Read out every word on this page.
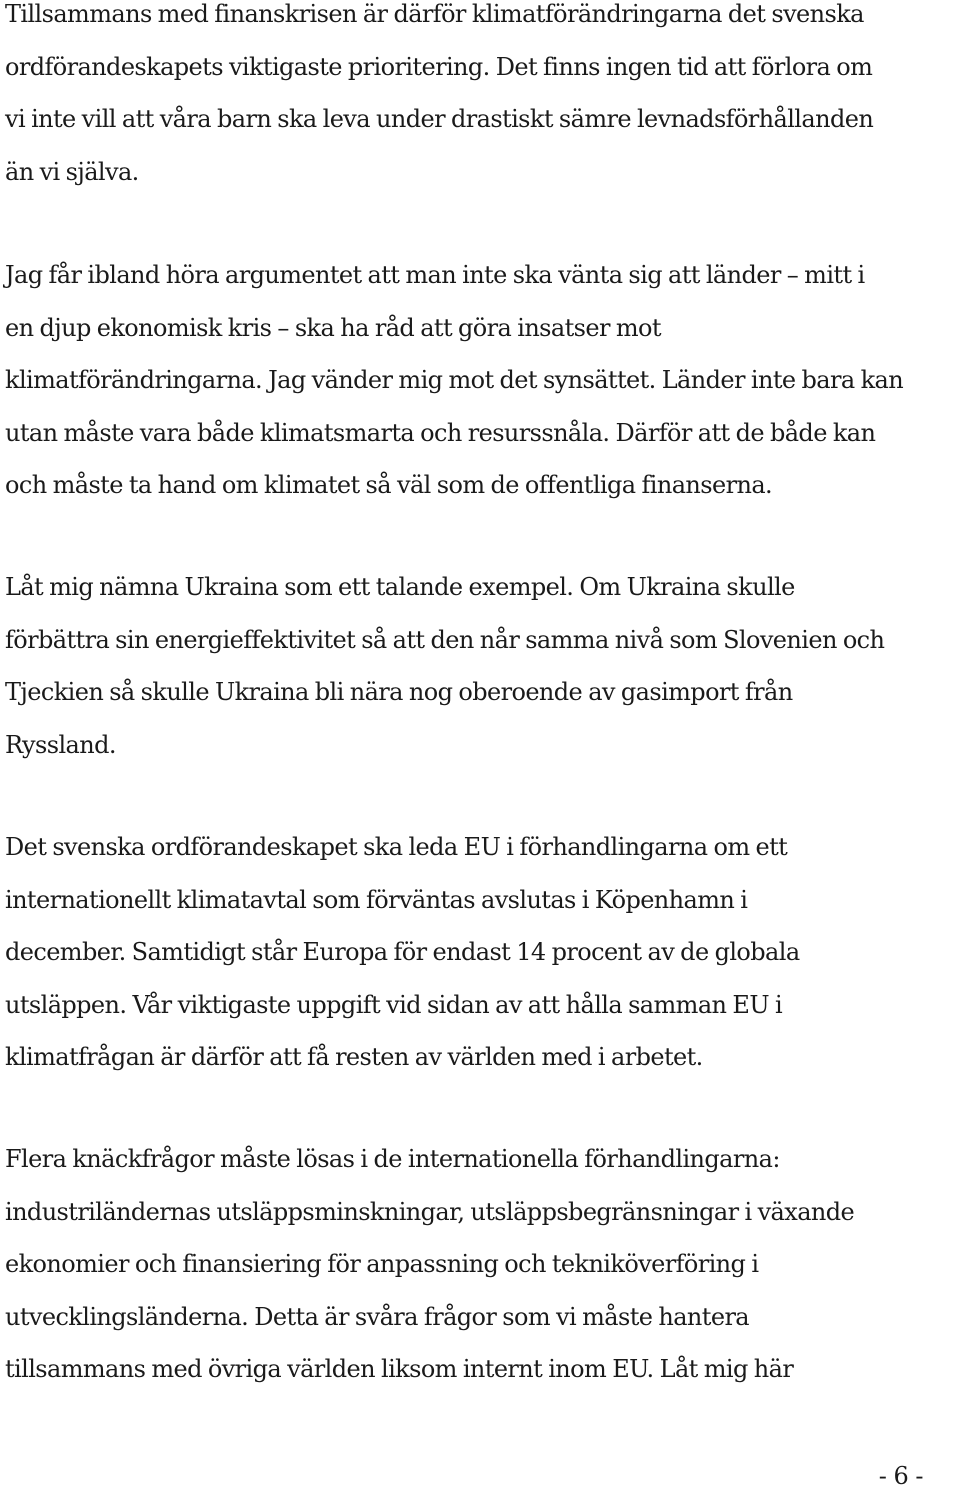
Tillsammans med finanskrisen är därför klimatförändringarna det svenska
ordförandeskapets viktigaste prioritering. Det finns ingen tid att förlora om
vi inte vill att våra barn ska leva under drastiskt sämre levnadsförhållanden
än vi själva.

Jag får ibland höra argumentet att man inte ska vänta sig att länder – mitt i
en djup ekonomisk kris – ska ha råd att göra insatser mot
klimatförändringarna. Jag vänder mig mot det synsättet. Länder inte bara kan
utan måste vara både klimatsmarta och resurssnåla. Därför att de både kan
och måste ta hand om klimatet så väl som de offentliga finanserna.

Låt mig nämna Ukraina som ett talande exempel. Om Ukraina skulle
förbättra sin energieffektivitet så att den når samma nivå som Slovenien och
Tjeckien så skulle Ukraina bli nära nog oberoende av gasimport från
Ryssland.

Det svenska ordförandeskapet ska leda EU i förhandlingarna om ett
internationellt klimatavtal som förväntas avslutas i Köpenhamn i
december. Samtidigt står Europa för endast 14 procent av de globala
utsläppen. Vår viktigaste uppgift vid sidan av att hålla samman EU i
klimatfrågan är därför att få resten av världen med i arbetet.

Flera knäckfrågor måste lösas i de internationella förhandlingarna:
industriländernas utsläppsminskningar, utsläppsbegränsningar i växande
ekonomier och finansiering för anpassning och tekniköverföring i
utvecklingsländerna. Detta är svåra frågor som vi måste hantera
tillsammans med övriga världen liksom internt inom EU. Låt mig här

- 6 -
